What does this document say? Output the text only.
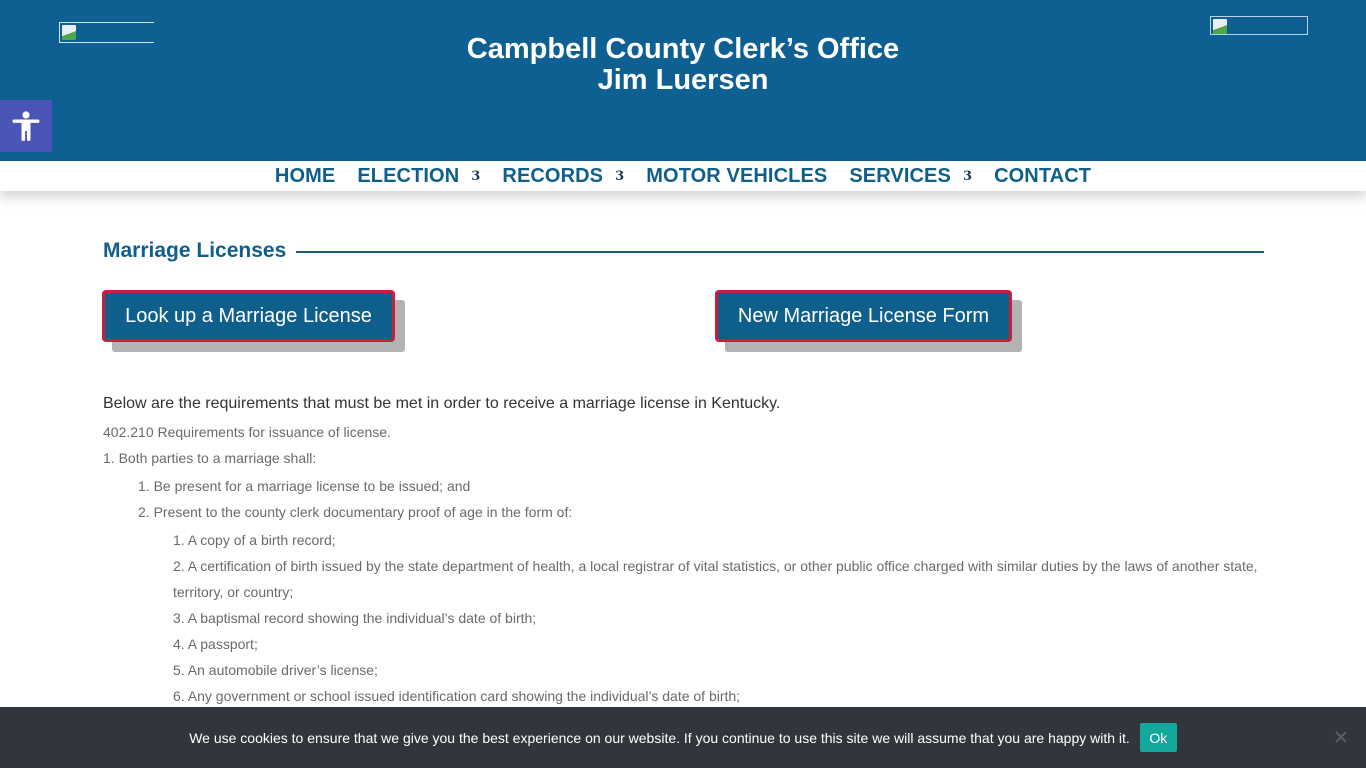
Campbell County Clerk’s Office
Jim Luersen
HOME ELECTION 3 RECORDS 3 MOTOR VEHICLES SERVICES 3 CONTACT
Marriage Licenses
Look up a Marriage License	New Marriage License Form

Below are the requirements that must be met in order to receive a marriage license in Kentucky.

402.210 Requirements for issuance of license.

1. Both parties to a marriage shall:

1. Be present for a marriage license to be issued; and

2. Present to the county clerk documentary proof of age in the form of:

1. A copy of a birth record;

2. A certification of birth issued by the state department of health, a local registrar of vital statistics, or other public office charged with similar duties by the laws of another state,

territory, or country;

3. A baptismal record showing the individual’s date of birth;

4. A passport;

5. An automobile driver’s license;

6. Any government or school issued identification card showing the individual’s date of birth;

We use cookies to ensure that we give you the best experience on our website. If you continue to use this site we will assume that you are happy with it.	Ok
